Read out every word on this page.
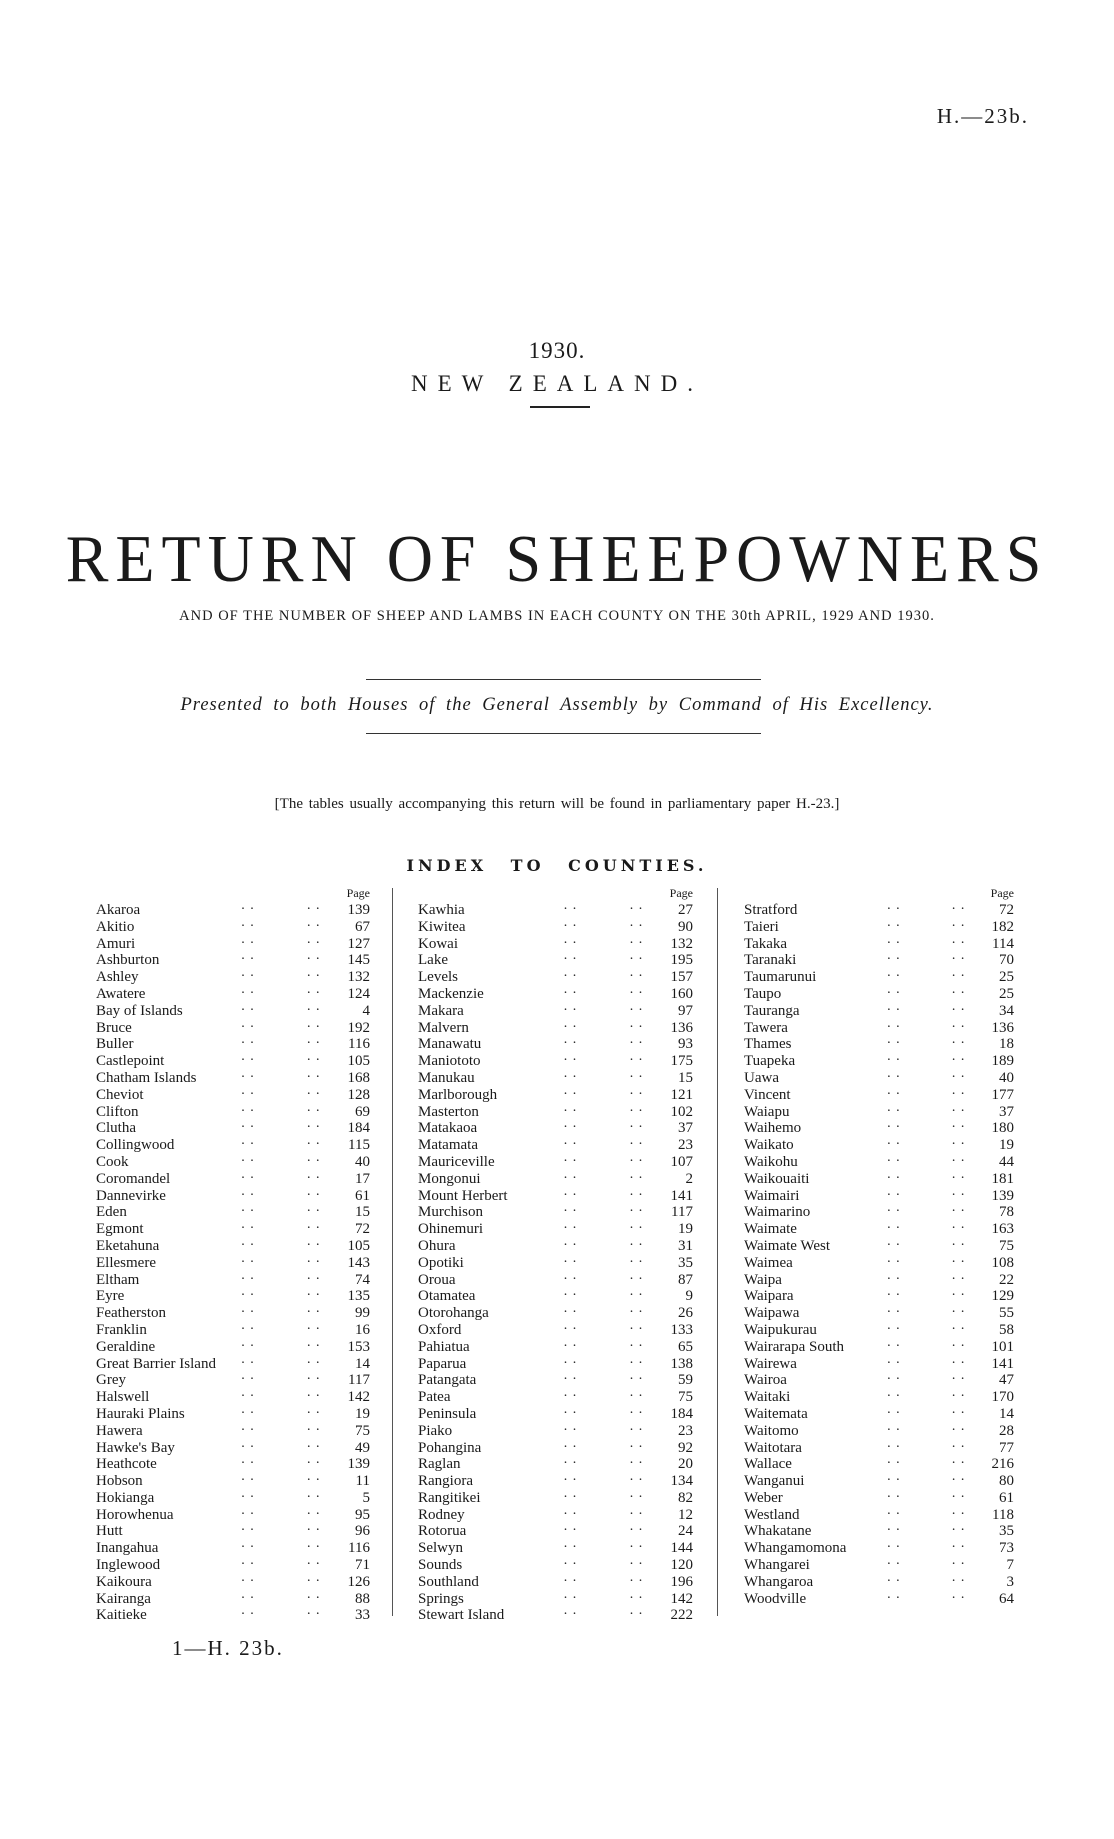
H.—23b.
1930.
NEW ZEALAND.
RETURN OF SHEEPOWNERS
AND OF THE NUMBER OF SHEEP AND LAMBS IN EACH COUNTY ON THE 30th APRIL, 1929 AND 1930.
Presented to both Houses of the General Assembly by Command of His Excellency.
[The tables usually accompanying this return will be found in parliamentary paper H.-23.]
INDEX TO COUNTIES.
Page
Akaroa	. .	. . 139
Akitio	. .	. . 67
Amuri	. .	. . 127
Ashburton	. .	. . 145
Ashley	. .	. . 132
Awatere	. .	. . 124
Bay of Islands	. .	. .	4
Bruce	. .	. . 192
Buller	. .	. . 116
Castlepoint	. .	. . 105
Chatham Islands	. .	. . 168
Cheviot	. .	. . 128
Clifton	. .	. . 69
Clutha	. .	. . 184
Collingwood	. .	. . 115
Cook	. .	. . 40
Coromandel	. .	. . 17
Dannevirke	. .	. . 61
Eden	. .	. . 15
Egmont	. .	. . 72
Eketahuna	. .	. . 105
Ellesmere	. .	. . 143
Eltham	. .	. . 74
Eyre	. .	. . 135
Featherston	. .	. . 99
Franklin	. .	. . 16
Geraldine	. .	. . 153
Great Barrier Island . .	. . 14
Grey	. .	. . 117
Halswell	. .	. . 142
Hauraki Plains	. .	. . 19
Hawera	. .	. . 75
Hawke's Bay	. .	. . 49
Heathcote	. .	. . 139
Hobson	. .	. . 11
Hokianga	. .	. .	5
Horowhenua	. .	. . 95
Hutt	. .	. . 96
Inangahua	. .	. . 116
Inglewood	. .	. . 71
Kaikoura	. .	. . 126
Kairanga	. .	. . 88
Kaitieke	. .	. . 33
Page
Kawhia	. .	. . 27
Kiwitea	. .	. . 90
Kowai	. .	. . 132
Lake	. .	. . 195
Levels	. .	. . 157
Mackenzie	. .	. . 160
Makara	. .	. . 97
Malvern	. .	. . 136
Manawatu	. .	. . 93
Maniototo	. .	. . 175
Manukau	. .	. . 15
Marlborough	. .	. . 121
Masterton	. .	. . 102
Matakaoa	. .	. . 37
Matamata	. .	. . 23
Mauriceville	. .	. . 107
Mongonui	. .	. .	2
Mount Herbert	. .	. . 141
Murchison	. .	. . 117
Ohinemuri	. .	. . 19
Ohura	. .	. . 31
Opotiki	. .	. . 35
Oroua	. .	. . 87
Otamatea	. .	. .	9
Otorohanga	. .	. . 26
Oxford	. .	. . 133
Pahiatua	. .	. . 65
Paparua	. .	. . 138
Patangata	. .	. . 59
Patea	. .	. . 75
Peninsula	. .	. . 184
Piako	. .	. . 23
Pohangina	. .	. . 92
Raglan	. .	. . 20
Rangiora	. .	. . 134
Rangitikei	. .	. . 82
Rodney	. .	. . 12
Rotorua	. .	. . 24
Selwyn	. .	. . 144
Sounds	. .	. . 120
Southland	. .	. . 196
Springs	. .	. . 142
Stewart Island	. .	. . 222
Page
Stratford	. .	. . 72
Taieri	. .	. . 182
Takaka	. .	. . 114
Taranaki	. .	. . 70
Taumarunui	. .	. . 25
Taupo	. .	. . 25
Tauranga	. .	. . 34
Tawera	. .	. . 136
Thames	. .	. . 18
Tuapeka	. .	. . 189
Uawa	. .	. . 40
Vincent	. .	. . 177
Waiapu	. .	. . 37
Waihemo	. .	. . 180
Waikato	. .	. . 19
Waikohu	. .	. . 44
Waikouaiti	. .	. . 181
Waimairi	. .	. . 139
Waimarino	. .	. . 78
Waimate	. .	. . 163
Waimate West	. .	. . 75
Waimea	. .	. . 108
Waipa	. .	. . 22
Waipara	. .	. . 129
Waipawa	. .	. . 55
Waipukurau	. .	. . 58
Wairarapa South	. .	. . 101
Wairewa	. .	. . 141
Wairoa	. .	. . 47
Waitaki	. .	. . 170
Waitemata	. .	. . 14
Waitomo	. .	. . 28
Waitotara	. .	. . 77
Wallace	. .	. . 216
Wanganui	. .	. . 80
Weber	. .	. . 61
Westland	. .	. . 118
Whakatane	. .	. . 35
Whangamomona	. .	. . 73
Whangarei	. .	. .	7
Whangaroa	. .	. .	3
Woodville	. .	. . 64
1—H. 23b.
